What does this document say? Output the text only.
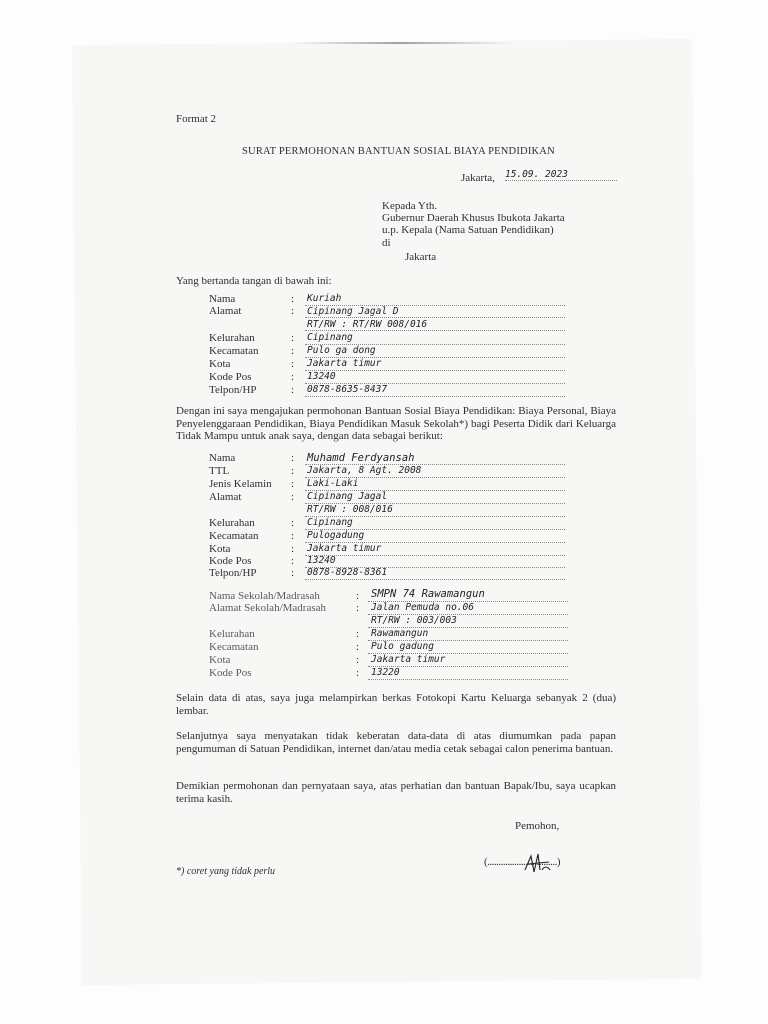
Format 2
SURAT PERMOHONAN BANTUAN SOSIAL BIAYA PENDIDIKAN
Jakarta, 15.09. 2023
Kepada Yth.
Gubernur Daerah Khusus Ibukota Jakarta
u.p. Kepala (Nama Satuan Pendidikan)
di
Jakarta
Yang bertanda tangan di bawah ini:
Nama	: Kuriah
Alamat	: Cipinang Jagal D
RT/RW : RT/RW 008/016
Kelurahan	: Cipinang
Kecamatan	: Pulo ga dong
Kota	: Jakarta timur
Kode Pos	: 13240
Telpon/HP	: 0878-8635-8437
Dengan ini saya mengajukan permohonan Bantuan Sosial Biaya Pendidikan: Biaya Personal, Biaya Penyelenggaraan Pendidikan, Biaya Pendidikan Masuk Sekolah*) bagi Peserta Didik dari Keluarga Tidak Mampu untuk anak saya, dengan data sebagai berikut:
Nama	: Muhamd Ferdyansah
TTL	: Jakarta, 8 Agt. 2008
Jenis Kelamin : Laki-Laki
Alamat	: Cipinang Jagal
RT/RW : 008/016
Kelurahan	: Cipinang
Kecamatan	: Pulogadung
Kota	: Jakarta timur
Kode Pos	: 13240
Telpon/HP	: 0878-8928-8361
Nama Sekolah/Madrasah	: SMPN 74 Rawamangun
Alamat Sekolah/Madrasah	: Jalan Pemuda no.06
RT/RW : 003/003
Kelurahan	: Rawamangun
Kecamatan	: Pulo gadung
Kota	: Jakarta timur
Kode Pos	: 13220
Selain data di atas, saya juga melampirkan berkas Fotokopi Kartu Keluarga sebanyak 2 (dua) lembar.
Selanjutnya saya menyatakan tidak keberatan data-data di atas diumumkan pada papan pengumuman di Satuan Pendidikan, internet dan/atau media cetak sebagai calon penerima bantuan.
Demikian permohonan dan pernyataan saya, atas perhatian dan bantuan Bapak/Ibu, saya ucapkan terima kasih.
Pemohon,
(...............................)
*) coret yang tidak perlu
